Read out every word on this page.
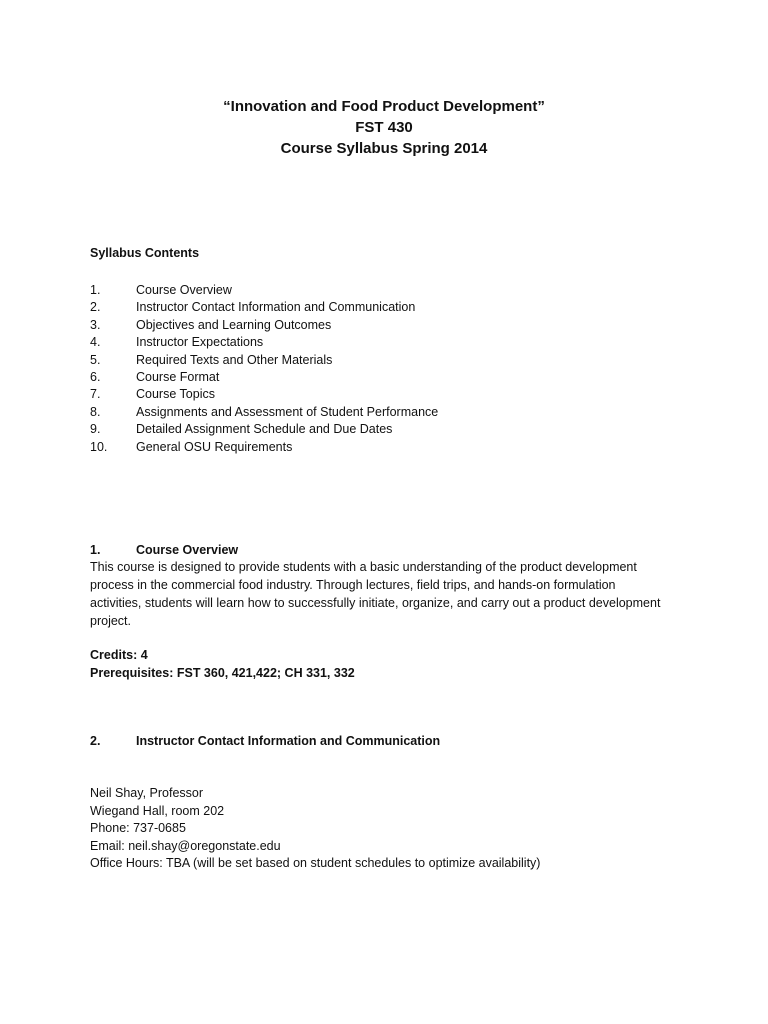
“Innovation and Food Product Development”
FST 430
Course Syllabus Spring 2014
Syllabus Contents
1.	Course Overview
2.	Instructor Contact Information and Communication
3.	Objectives and Learning Outcomes
4.	Instructor Expectations
5.	Required Texts and Other Materials
6.	Course Format
7.	Course Topics
8.	Assignments and Assessment of Student Performance
9.	Detailed Assignment Schedule and Due Dates
10.	General OSU Requirements
1.	Course Overview

This course is designed to provide students with a basic understanding of the product development

process in the commercial food industry. Through lectures, field trips, and hands-on formulation

activities, students will learn how to successfully initiate, organize, and carry out a product development

project.

Credits: 4
Prerequisites: FST 360, 421,422; CH 331, 332
2.	Instructor Contact Information and Communication
Neil Shay, Professor
Wiegand Hall, room 202
Phone: 737-0685
Email: neil.shay@oregonstate.edu
Office Hours: TBA (will be set based on student schedules to optimize availability)
